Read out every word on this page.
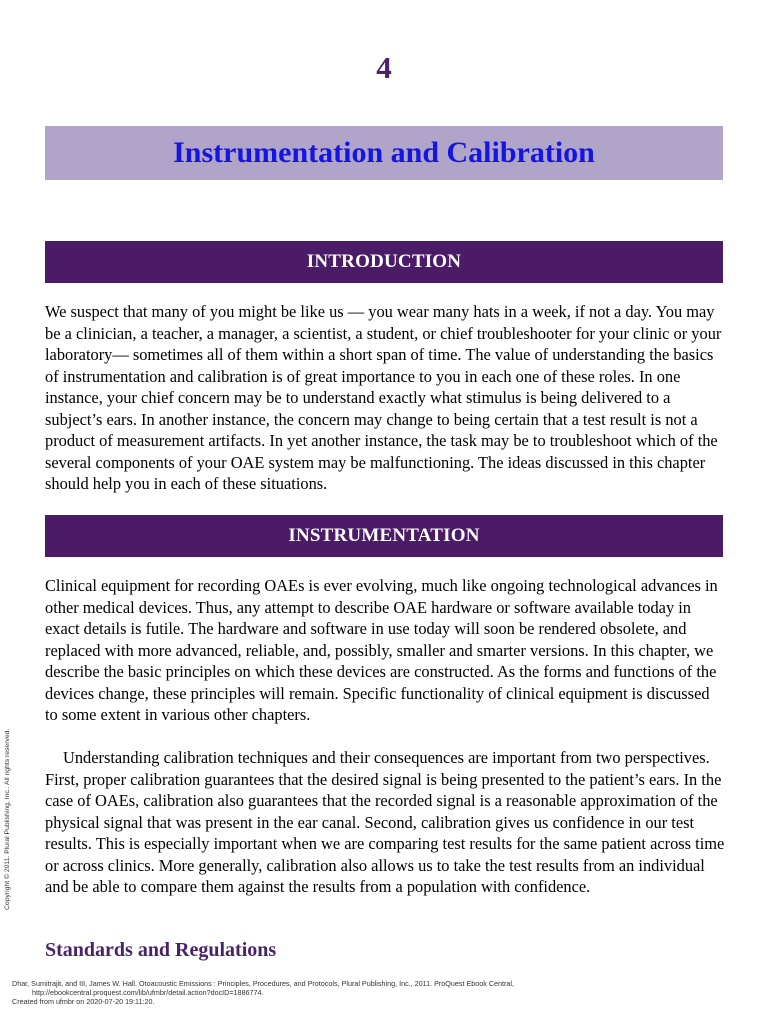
4
Instrumentation and Calibration
INTRODUCTION

We suspect that many of you might be like us — you wear many hats in a week, if not a day. You may be a clinician, a teacher, a manager, a scientist, a student, or chief troubleshooter for your clinic or your laboratory— sometimes all of them within a short span of time. The value of understanding the basics of instrumentation and calibration is of great importance to you in each one of these roles. In one instance, your chief concern may be to understand exactly what stimulus is being delivered to a subject’s ears. In another instance, the concern may change to being certain that a test result is not a product of measurement artifacts. In yet another instance, the task may be to troubleshoot which of the several components of your OAE system may be malfunctioning. The ideas discussed in this chapter should help you in each of these situations.

INSTRUMENTATION

Clinical equipment for recording OAEs is ever evolving, much like ongoing technological advances in other medical devices. Thus, any attempt to describe OAE hardware or software available today in exact details is futile. The hardware and software in use today will soon be rendered obsolete, and replaced with more advanced, reliable, and, possibly, smaller and smarter versions. In this chapter, we describe the basic principles on which these devices are constructed. As the forms and functions of the devices change, these principles will remain. Specific functionality of clinical equipment is discussed to some extent in various other chapters.

Understanding calibration techniques and their consequences are important from two perspectives. First, proper calibration guarantees that the desired signal is being presented to the patient’s ears. In the case of OAEs, calibration also guarantees that the recorded signal is a reasonable approximation of the physical signal that was present in the ear canal. Second, calibration gives us confidence in our test results. This is especially important when we are comparing test results for the same patient across time or across clinics. More generally, calibration also allows us to take the test results from an individual and be able to compare them against the results from a population with confidence.

Standards and Regulations
Copyright © 2011. Plural Publishing, Inc.. All rights reserved.
Dhar, Sumitrajit, and III, James W. Hall. Otoacoustic Emissions : Principles, Procedures, and Protocols, Plural Publishing, Inc., 2011. ProQuest Ebook Central,
http://ebookcentral.proquest.com/lib/ufmbr/detail.action?docID=1886774.
Created from ufmbr on 2020-07-20 19:11:20.
